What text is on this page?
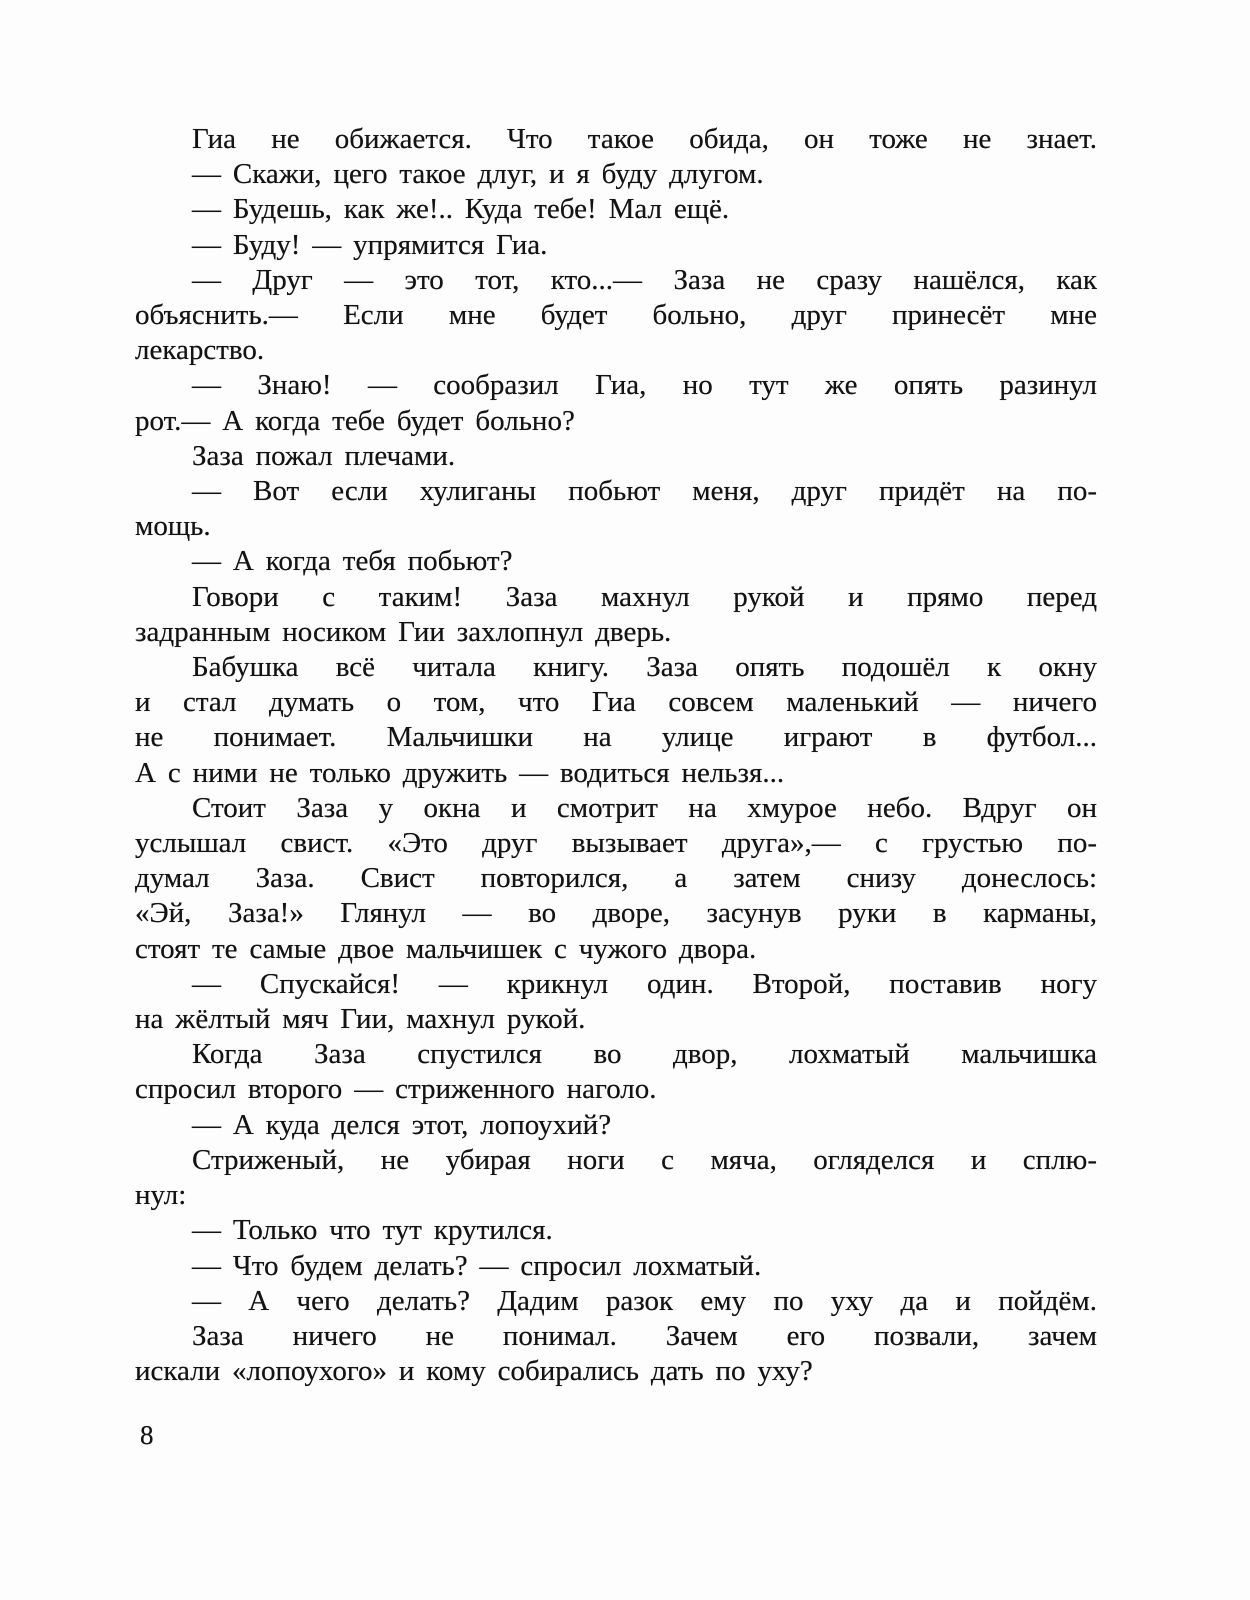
Гиа не обижается. Что такое обида, он тоже не знает.
— Скажи, цего такое длуг, и я буду длугом.
— Будешь, как же!.. Куда тебе! Мал ещё.
— Буду! — упрямится Гиа.
— Друг — это тот, кто...— Заза не сразу нашёлся, как
объяснить.— Если мне будет больно, друг принесёт мне
лекарство.
— Знаю! — сообразил Гиа, но тут же опять разинул
рот.— А когда тебе будет больно?
Заза пожал плечами.
— Вот если хулиганы побьют меня, друг придёт на по-
мощь.
— А когда тебя побьют?
Говори с таким! Заза махнул рукой и прямо перед
задранным носиком Гии захлопнул дверь.
Бабушка всё читала книгу. Заза опять подошёл к окну
и стал думать о том, что Гиа совсем маленький — ничего
не понимает. Мальчишки на улице играют в футбол...
А с ними не только дружить — водиться нельзя...
Стоит Заза у окна и смотрит на хмурое небо. Вдруг он
услышал свист. «Это друг вызывает друга»,— с грустью по-
думал Заза. Свист повторился, а затем снизу донеслось:
«Эй, Заза!» Глянул — во дворе, засунув руки в карманы,
стоят те самые двое мальчишек с чужого двора.
— Спускайся! — крикнул один. Второй, поставив ногу
на жёлтый мяч Гии, махнул рукой.
Когда Заза спустился во двор, лохматый мальчишка
спросил второго — стриженного наголо.
— А куда делся этот, лопоухий?
Стриженый, не убирая ноги с мяча, огляделся и сплю-
нул:
— Только что тут крутился.
— Что будем делать? — спросил лохматый.
— А чего делать? Дадим разок ему по уху да и пойдём.
Заза ничего не понимал. Зачем его позвали, зачем
искали «лопоухого» и кому собирались дать по уху?
8
